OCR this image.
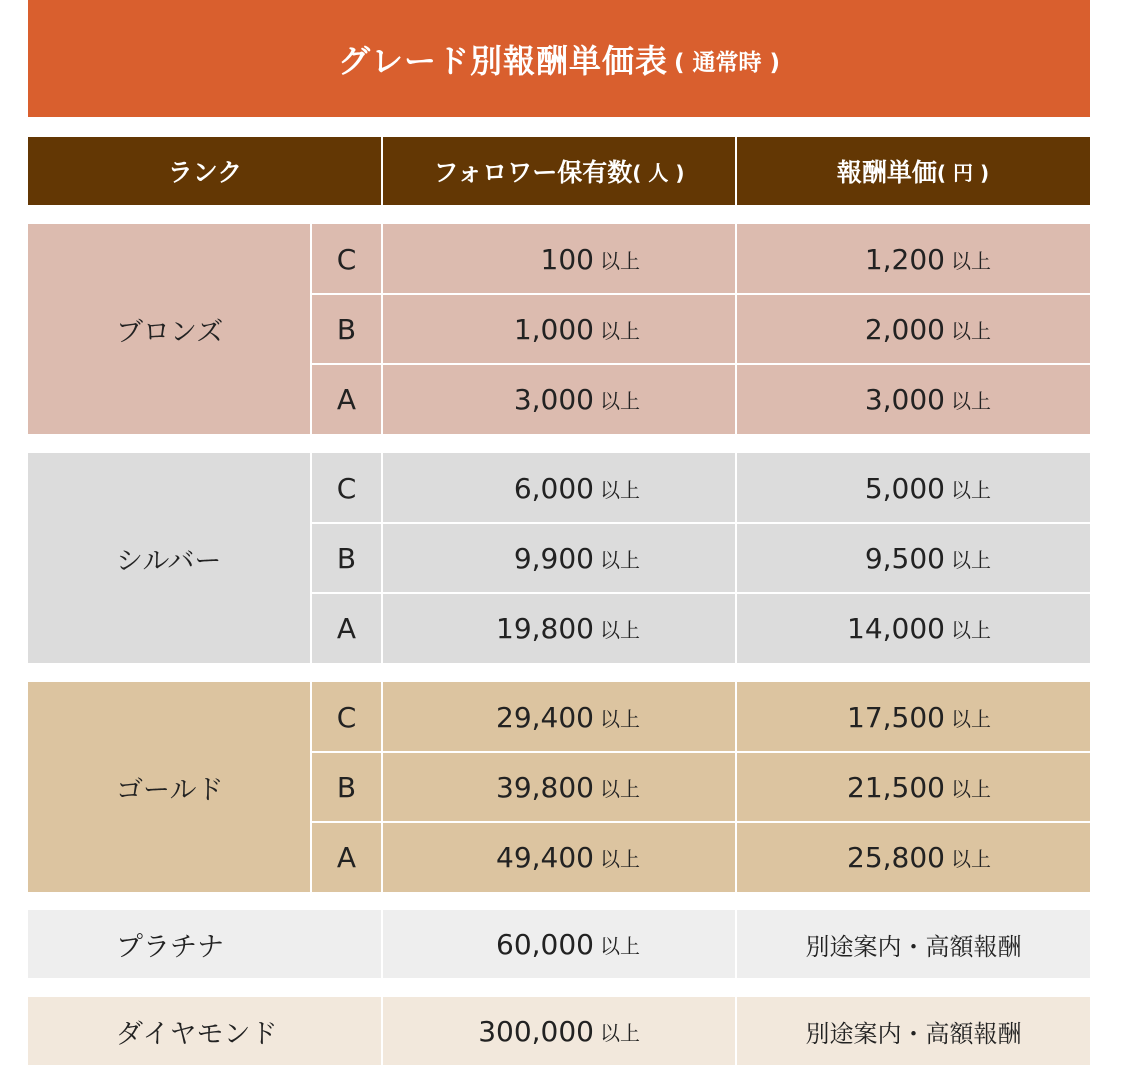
グレード別報酬単価表 ( 通常時 )
ランク	フォロワー保有数 ( 人 )	報酬単価 ( 円 )
ブロンズ
C	100 以上	1,200 以上
B	1,000 以上	2,000 以上
A	3,000 以上	3,000 以上
シルバー
C	6,000 以上	5,000 以上
B	9,900 以上	9,500 以上
A	19,800 以上	14,000 以上
ゴールド
C	29,400 以上	17,500 以上
B	39,800 以上	21,500 以上
A	49,400 以上	25,800 以上
プラチナ	60,000 以上	別途案内・高額報酬
ダイヤモンド	300,000 以上	別途案内・高額報酬
